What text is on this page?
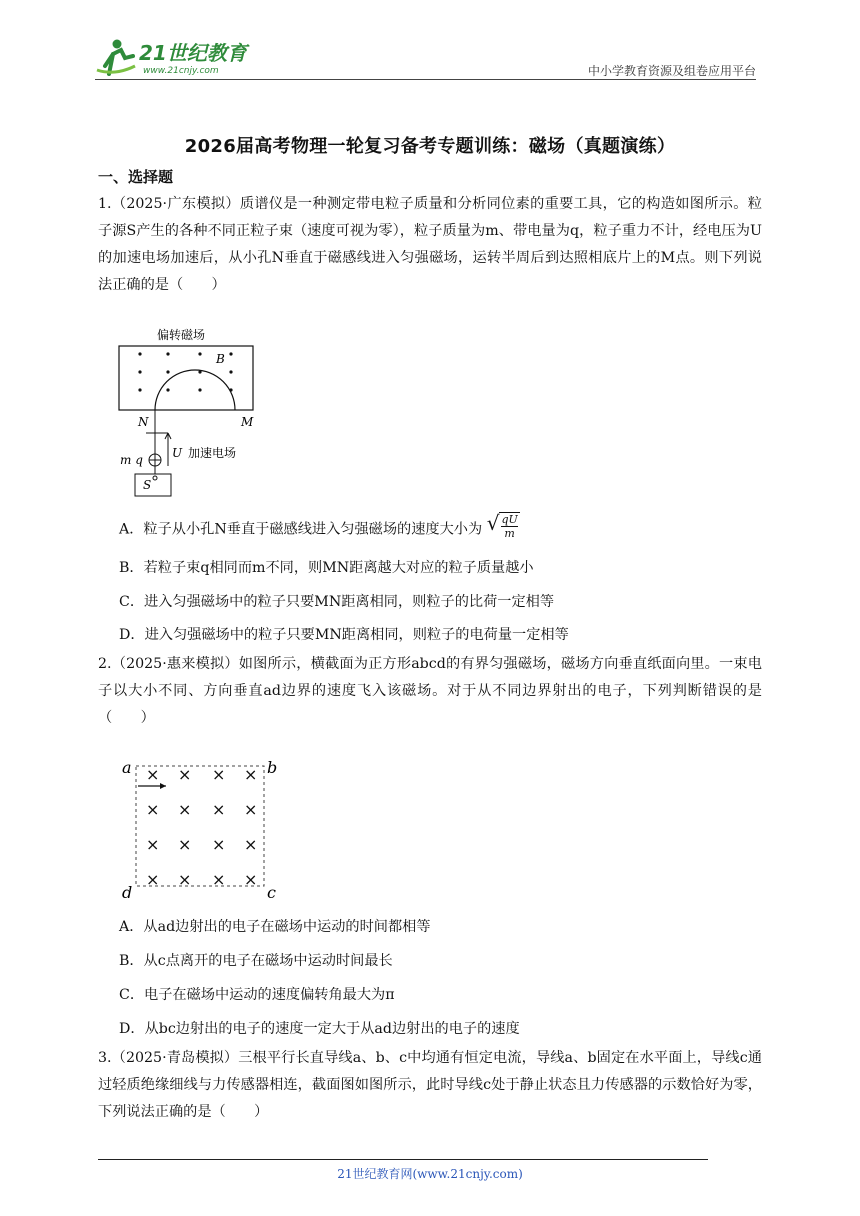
21世纪教育
www.21cnjy.com	中小学教育资源及组卷应用平台
2026届高考物理一轮复习备考专题训练：磁场（真题演练）
一、选择题
1.（2025·广东模拟）质谱仪是一种测定带电粒子质量和分析同位素的重要工具，它的构造如图所示。粒子源S产生的各种不同正粒子束（速度可视为零），粒子质量为m、带电量为q，粒子重力不计，经电压为U的加速电场加速后，从小孔N垂直于磁感线进入匀强磁场，运转半周后到达照相底片上的M点。则下列说法正确的是（　　）
偏转磁场
B
N	M
U 加速电场
m q
S
A．粒子从小孔N垂直于磁感线进入匀强磁场的速度大小为 √ $\frac{qU}{m}$
B．若粒子束q相同而m不同，则MN距离越大对应的粒子质量越小
C．进入匀强磁场中的粒子只要MN距离相同，则粒子的比荷一定相等
D．进入匀强磁场中的粒子只要MN距离相同，则粒子的电荷量一定相等
2.（2025·惠来模拟）如图所示，横截面为正方形abcd的有界匀强磁场，磁场方向垂直纸面向里。一束电子以大小不同、方向垂直ad边界的速度飞入该磁场。对于从不同边界射出的电子，下列判断错误的是（　　）
a	b
c
d
× × × ×
× × × ×
× × × ×
× × × ×
A．从ad边射出的电子在磁场中运动的时间都相等
B．从c点离开的电子在磁场中运动时间最长
C．电子在磁场中运动的速度偏转角最大为π
D．从bc边射出的电子的速度一定大于从ad边射出的电子的速度
3.（2025·青岛模拟）三根平行长直导线a、b、c中均通有恒定电流，导线a、b固定在水平面上，导线c通过轻质绝缘细线与力传感器相连，截面图如图所示，此时导线c处于静止状态且力传感器的示数恰好为零，下列说法正确的是（　　）
21世纪教育网(www.21cnjy.com)
